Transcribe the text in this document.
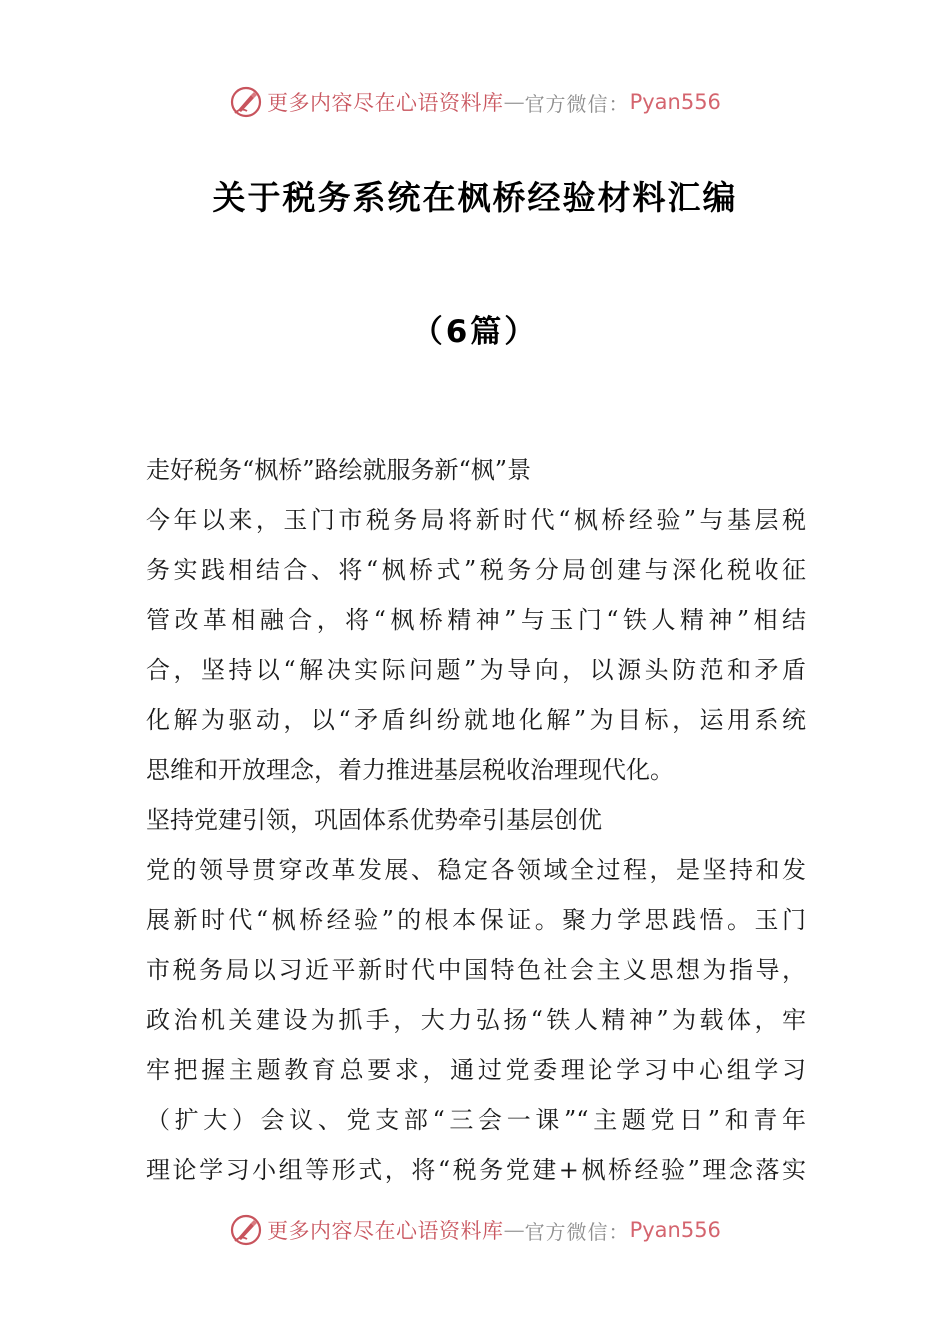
更多内容尽在心语资料库 — 官方微信： Pyan556
关于税务系统在枫桥经验材料汇编
（6篇）
走好税务“枫桥”路绘就服务新“枫”景
今年以来，玉门市税务局将新时代“枫桥经验”与基层税
务实践相结合、将“枫桥式”税务分局创建与深化税收征
管改革相融合，将“枫桥精神”与玉门“铁人精神”相结
合，坚持以“解决实际问题”为导向，以源头防范和矛盾
化解为驱动，以“矛盾纠纷就地化解”为目标，运用系统
思维和开放理念，着力推进基层税收治理现代化。
坚持党建引领，巩固体系优势牵引基层创优
党的领导贯穿改革发展、稳定各领域全过程，是坚持和发
展新时代“枫桥经验”的根本保证。聚力学思践悟。玉门
市税务局以习近平新时代中国特色社会主义思想为指导，
政治机关建设为抓手，大力弘扬“铁人精神”为载体，牢
牢把握主题教育总要求，通过党委理论学习中心组学习
（扩大）会议、党支部“三会一课”“主题党日”和青年
理论学习小组等形式，将“税务党建+枫桥经验”理念落实
更多内容尽在心语资料库 — 官方微信： Pyan556
